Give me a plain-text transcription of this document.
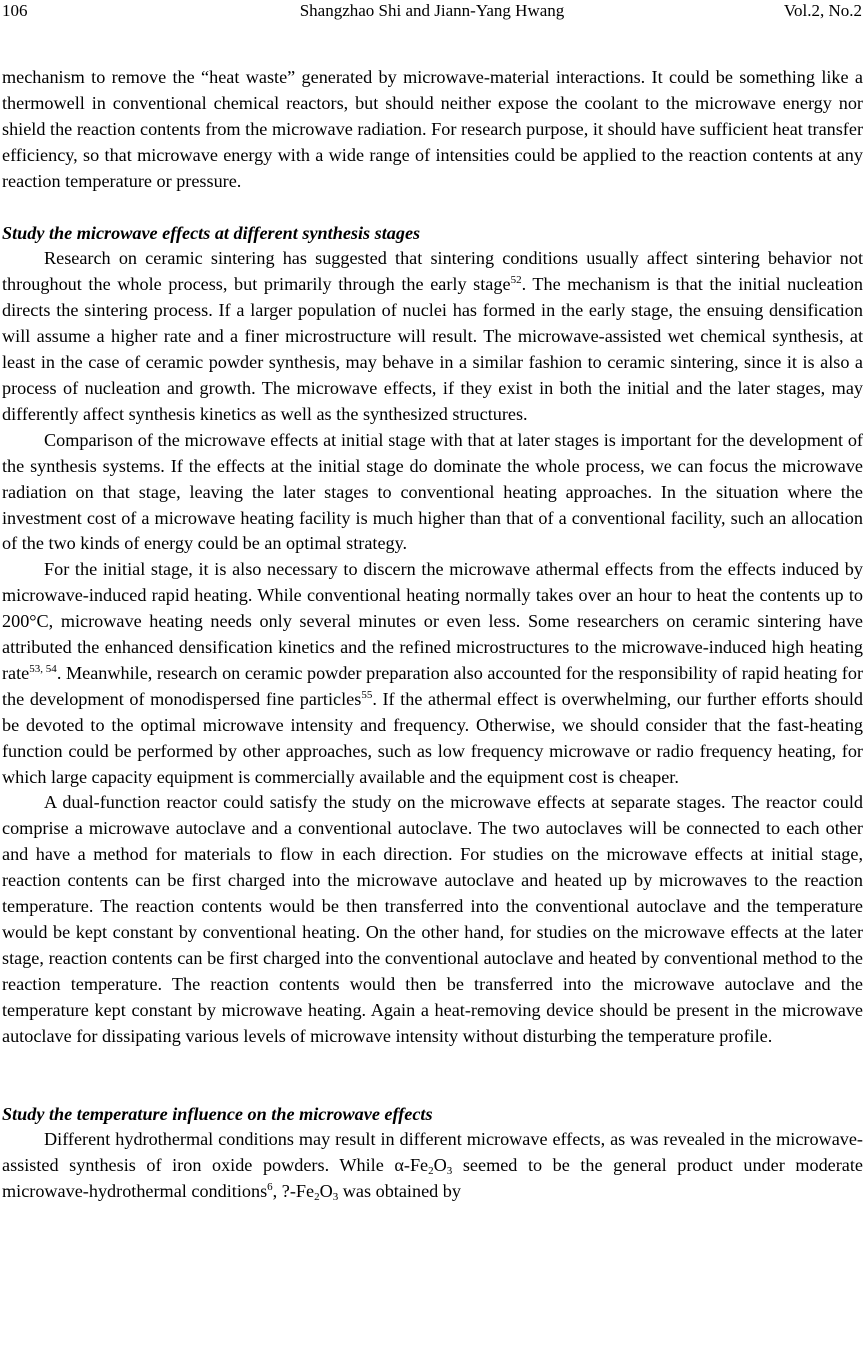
106	Shangzhao Shi and Jiann-Yang Hwang	Vol.2, No.2

mechanism to remove the “heat waste” generated by microwave-material interactions. It could be something like a thermowell in conventional chemical reactors, but should neither expose the coolant to the microwave energy nor shield the reaction contents from the microwave radiation. For research purpose, it should have sufficient heat transfer efficiency, so that microwave energy with a wide range of intensities could be applied to the reaction contents at any reaction temperature or pressure.

Study the microwave effects at different synthesis stages

Research on ceramic sintering has suggested that sintering conditions usually affect sintering behavior not throughout the whole process, but primarily through the early stage$^{52}$. The mechanism is that the initial nucleation directs the sintering process. If a larger population of nuclei has formed in the early stage, the ensuing densification will assume a higher rate and a finer microstructure will result. The microwave-assisted wet chemical synthesis, at least in the case of ceramic powder synthesis, may behave in a similar fashion to ceramic sintering, since it is also a process of nucleation and growth. The microwave effects, if they exist in both the initial and the later stages, may differently affect synthesis kinetics as well as the synthesized structures.

Comparison of the microwave effects at initial stage with that at later stages is important for the development of the synthesis systems. If the effects at the initial stage do dominate the whole process, we can focus the microwave radiation on that stage, leaving the later stages to conventional heating approaches. In the situation where the investment cost of a microwave heating facility is much higher than that of a conventional facility, such an allocation of the two kinds of energy could be an optimal strategy.

For the initial stage, it is also necessary to discern the microwave athermal effects from the effects induced by microwave-induced rapid heating. While conventional heating normally takes over an hour to heat the contents up to 200°C, microwave heating needs only several minutes or even less. Some researchers on ceramic sintering have attributed the enhanced densification kinetics and the refined microstructures to the microwave-induced high heating rate$^{53, 54}$. Meanwhile, research on ceramic powder preparation also accounted for the responsibility of rapid heating for the development of monodispersed fine particles$^{55}$. If the athermal effect is overwhelming, our further efforts should be devoted to the optimal microwave intensity and frequency. Otherwise, we should consider that the fast-heating function could be performed by other approaches, such as low frequency microwave or radio frequency heating, for which large capacity equipment is commercially available and the equipment cost is cheaper.

A dual-function reactor could satisfy the study on the microwave effects at separate stages. The reactor could comprise a microwave autoclave and a conventional autoclave. The two autoclaves will be connected to each other and have a method for materials to flow in each direction. For studies on the microwave effects at initial stage, reaction contents can be first charged into the microwave autoclave and heated up by microwaves to the reaction temperature. The reaction contents would be then transferred into the conventional autoclave and the temperature would be kept constant by conventional heating. On the other hand, for studies on the microwave effects at the later stage, reaction contents can be first charged into the conventional autoclave and heated by conventional method to the reaction temperature. The reaction contents would then be transferred into the microwave autoclave and the temperature kept constant by microwave heating. Again a heat-removing device should be present in the microwave autoclave for dissipating various levels of microwave intensity without disturbing the temperature profile.

Study the temperature influence on the microwave effects

Different hydrothermal conditions may result in different microwave effects, as was revealed in the microwave-assisted synthesis of iron oxide powders. While $\alpha-Fe_2O_3$ seemed to be the general product under moderate microwave-hydrothermal conditions$^6$, $?-Fe_2O_3$ was obtained by
